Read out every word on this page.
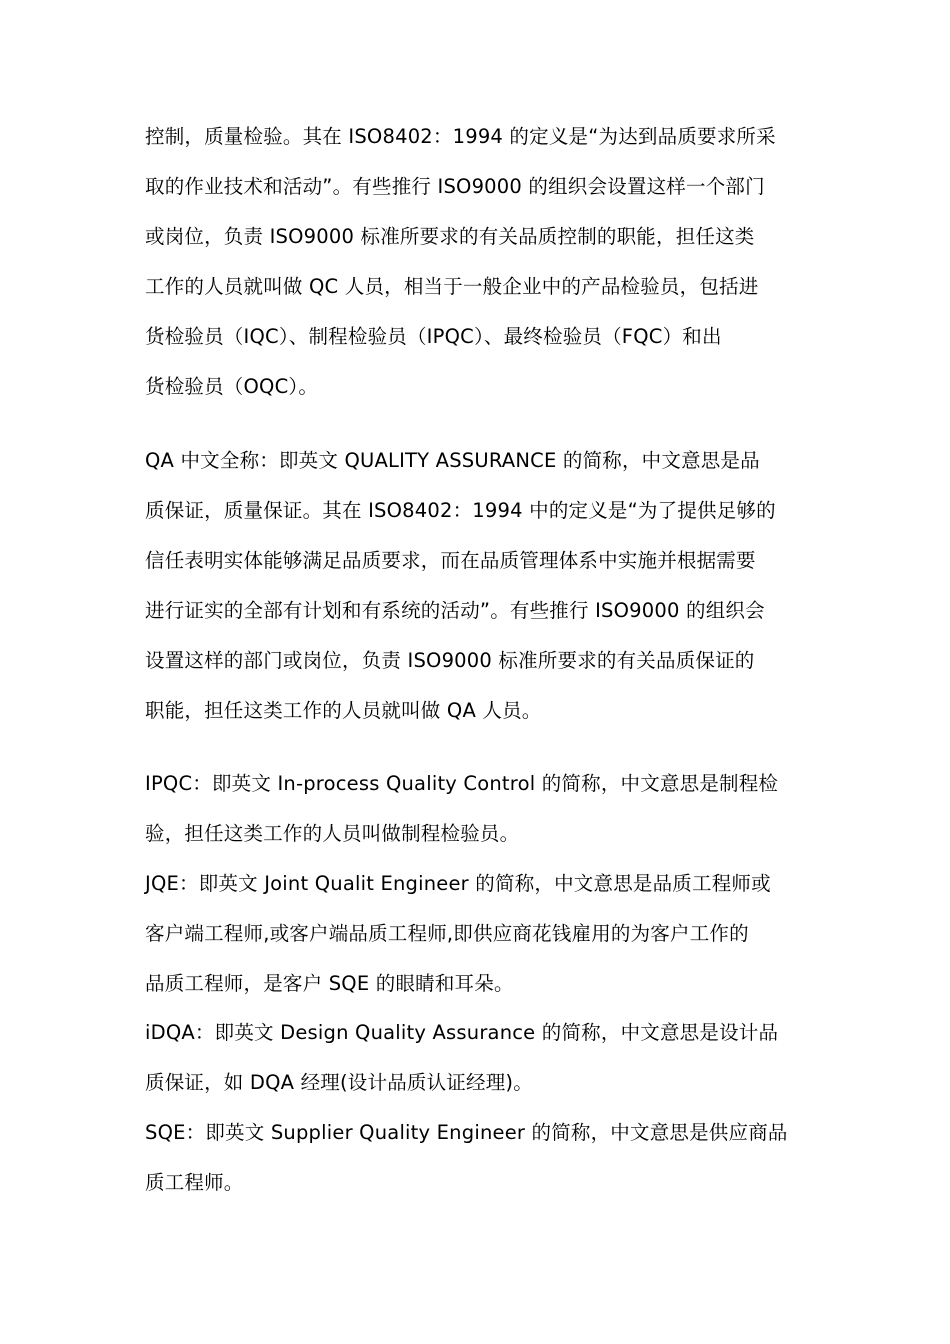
控制，质量检验。其在 ISO8402：1994 的定义是“为达到品质要求所采
取的作业技术和活动”。有些推行 ISO9000 的组织会设置这样一个部门
或岗位，负责 ISO9000 标准所要求的有关品质控制的职能，担任这类
工作的人员就叫做 QC 人员，相当于一般企业中的产品检验员，包括进
货检验员（IQC）、制程检验员（IPQC）、最终检验员（FQC）和出
货检验员（OQC）。
QA 中文全称：即英文 QUALITY ASSURANCE 的简称，中文意思是品
质保证，质量保证。其在 ISO8402：1994 中的定义是“为了提供足够的
信任表明实体能够满足品质要求，而在品质管理体系中实施并根据需要
进行证实的全部有计划和有系统的活动”。有些推行 ISO9000 的组织会
设置这样的部门或岗位，负责 ISO9000 标准所要求的有关品质保证的
职能，担任这类工作的人员就叫做 QA 人员。
IPQC：即英文 In-process Quality Control 的简称，中文意思是制程检
验，担任这类工作的人员叫做制程检验员。
JQE：即英文 Joint Qualit Engineer 的简称，中文意思是品质工程师或
客户端工程师,或客户端品质工程师,即供应商花钱雇用的为客户工作的
品质工程师，是客户 SQE 的眼睛和耳朵。
iDQA：即英文 Design Quality Assurance 的简称，中文意思是设计品
质保证，如 DQA 经理(设计品质认证经理)。
SQE：即英文 Supplier Quality Engineer 的简称，中文意思是供应商品
质工程师。
